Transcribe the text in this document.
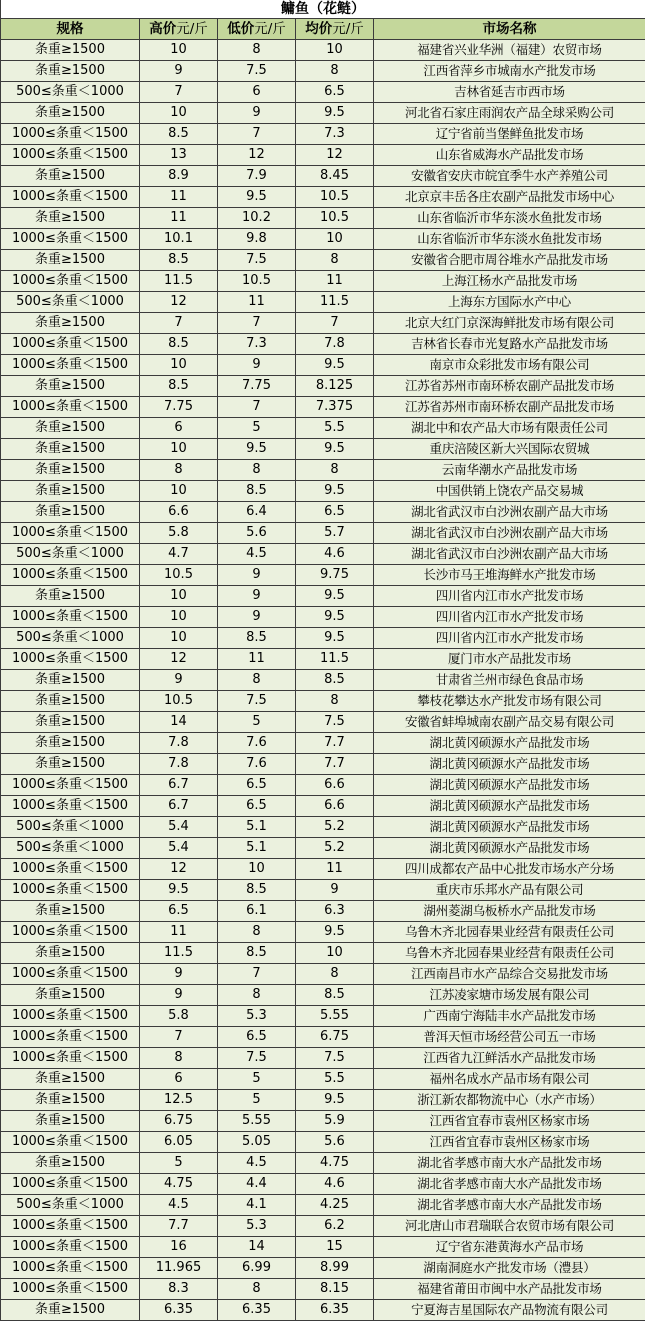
鳙鱼（花鲢）				
规格	高价元/斤	低价元/斤	均价元/斤	市场名称
条重≥1500	10	8	10	福建省兴业华洲（福建）农贸市场
条重≥1500	9	7.5	8	江西省萍乡市城南水产批发市场
500≤条重＜1000	7	6	6.5	吉林省延吉市西市场
条重≥1500	10	9	9.5	河北省石家庄雨润农产品全球采购公司
1000≤条重＜1500	8.5	7	7.3	辽宁省前当堡鲜鱼批发市场
1000≤条重＜1500	13	12	12	山东省威海水产品批发市场
条重≥1500	8.9	7.9	8.45	安徽省安庆市皖宜季牛水产养殖公司
1000≤条重＜1500	11	9.5	10.5	北京京丰岳各庄农副产品批发市场中心
条重≥1500	11	10.2	10.5	山东省临沂市华东淡水鱼批发市场
1000≤条重＜1500	10.1	9.8	10	山东省临沂市华东淡水鱼批发市场
条重≥1500	8.5	7.5	8	安徽省合肥市周谷堆水产品批发市场
1000≤条重＜1500	11.5	10.5	11	上海江杨水产品批发市场
500≤条重＜1000	12	11	11.5	上海东方国际水产中心
条重≥1500	7	7	7	北京大红门京深海鲜批发市场有限公司
1000≤条重＜1500	8.5	7.3	7.8	吉林省长春市光复路水产品批发市场
1000≤条重＜1500	10	9	9.5	南京市众彩批发市场有限公司
条重≥1500	8.5	7.75	8.125	江苏省苏州市南环桥农副产品批发市场
1000≤条重＜1500	7.75	7	7.375	江苏省苏州市南环桥农副产品批发市场
条重≥1500	6	5	5.5	湖北中和农产品大市场有限责任公司
条重≥1500	10	9.5	9.5	重庆涪陵区新大兴国际农贸城
条重≥1500	8	8	8	云南华潮水产品批发市场
条重≥1500	10	8.5	9.5	中国供销上饶农产品交易城
条重≥1500	6.6	6.4	6.5	湖北省武汉市白沙洲农副产品大市场
1000≤条重＜1500	5.8	5.6	5.7	湖北省武汉市白沙洲农副产品大市场
500≤条重＜1000	4.7	4.5	4.6	湖北省武汉市白沙洲农副产品大市场
1000≤条重＜1500	10.5	9	9.75	长沙市马王堆海鲜水产批发市场
条重≥1500	10	9	9.5	四川省内江市水产批发市场
1000≤条重＜1500	10	9	9.5	四川省内江市水产批发市场
500≤条重＜1000	10	8.5	9.5	四川省内江市水产批发市场
1000≤条重＜1500	12	11	11.5	厦门市水产品批发市场
条重≥1500	9	8	8.5	甘肃省兰州市绿色食品市场
条重≥1500	10.5	7.5	8	攀枝花攀达水产批发市场有限公司
条重≥1500	14	5	7.5	安徽省蚌埠城南农副产品交易有限公司
条重≥1500	7.8	7.6	7.7	湖北黄冈硕源水产品批发市场
条重≥1500	7.8	7.6	7.7	湖北黄冈硕源水产品批发市场
1000≤条重＜1500	6.7	6.5	6.6	湖北黄冈硕源水产品批发市场
1000≤条重＜1500	6.7	6.5	6.6	湖北黄冈硕源水产品批发市场
500≤条重＜1000	5.4	5.1	5.2	湖北黄冈硕源水产品批发市场
500≤条重＜1000	5.4	5.1	5.2	湖北黄冈硕源水产品批发市场
1000≤条重＜1500	12	10	11	四川成都农产品中心批发市场水产分场
1000≤条重＜1500	9.5	8.5	9	重庆市乐邦水产品有限公司
条重≥1500	6.5	6.1	6.3	湖州菱湖乌板桥水产品批发市场
1000≤条重＜1500	11	8	9.5	乌鲁木齐北园春果业经营有限责任公司
条重≥1500	11.5	8.5	10	乌鲁木齐北园春果业经营有限责任公司
1000≤条重＜1500	9	7	8	江西南昌市水产品综合交易批发市场
条重≥1500	9	8	8.5	江苏凌家塘市场发展有限公司
1000≤条重＜1500	5.8	5.3	5.55	广西南宁海陆丰水产品批发市场
1000≤条重＜1500	7	6.5	6.75	普洱天恒市场经营公司五一市场
1000≤条重＜1500	8	7.5	7.5	江西省九江鲜活水产品批发市场
条重≥1500	6	5	5.5	福州名成水产品市场有限公司
条重≥1500	12.5	5	9.5	浙江新农都物流中心（水产市场）
条重≥1500	6.75	5.55	5.9	江西省宜春市袁州区杨家市场
1000≤条重＜1500	6.05	5.05	5.6	江西省宜春市袁州区杨家市场
条重≥1500	5	4.5	4.75	湖北省孝感市南大水产品批发市场
1000≤条重＜1500	4.75	4.4	4.6	湖北省孝感市南大水产品批发市场
500≤条重＜1000	4.5	4.1	4.25	湖北省孝感市南大水产品批发市场
1000≤条重＜1500	7.7	5.3	6.2	河北唐山市君瑞联合农贸市场有限公司
1000≤条重＜1500	16	14	15	辽宁省东港黄海水产品市场
1000≤条重＜1500	11.965	6.99	8.99	湖南洞庭水产批发市场（澧县）
1000≤条重＜1500	8.3	8	8.15	福建省莆田市闽中水产品批发市场
条重≥1500	6.35	6.35	6.35	宁夏海吉星国际农产品物流有限公司
